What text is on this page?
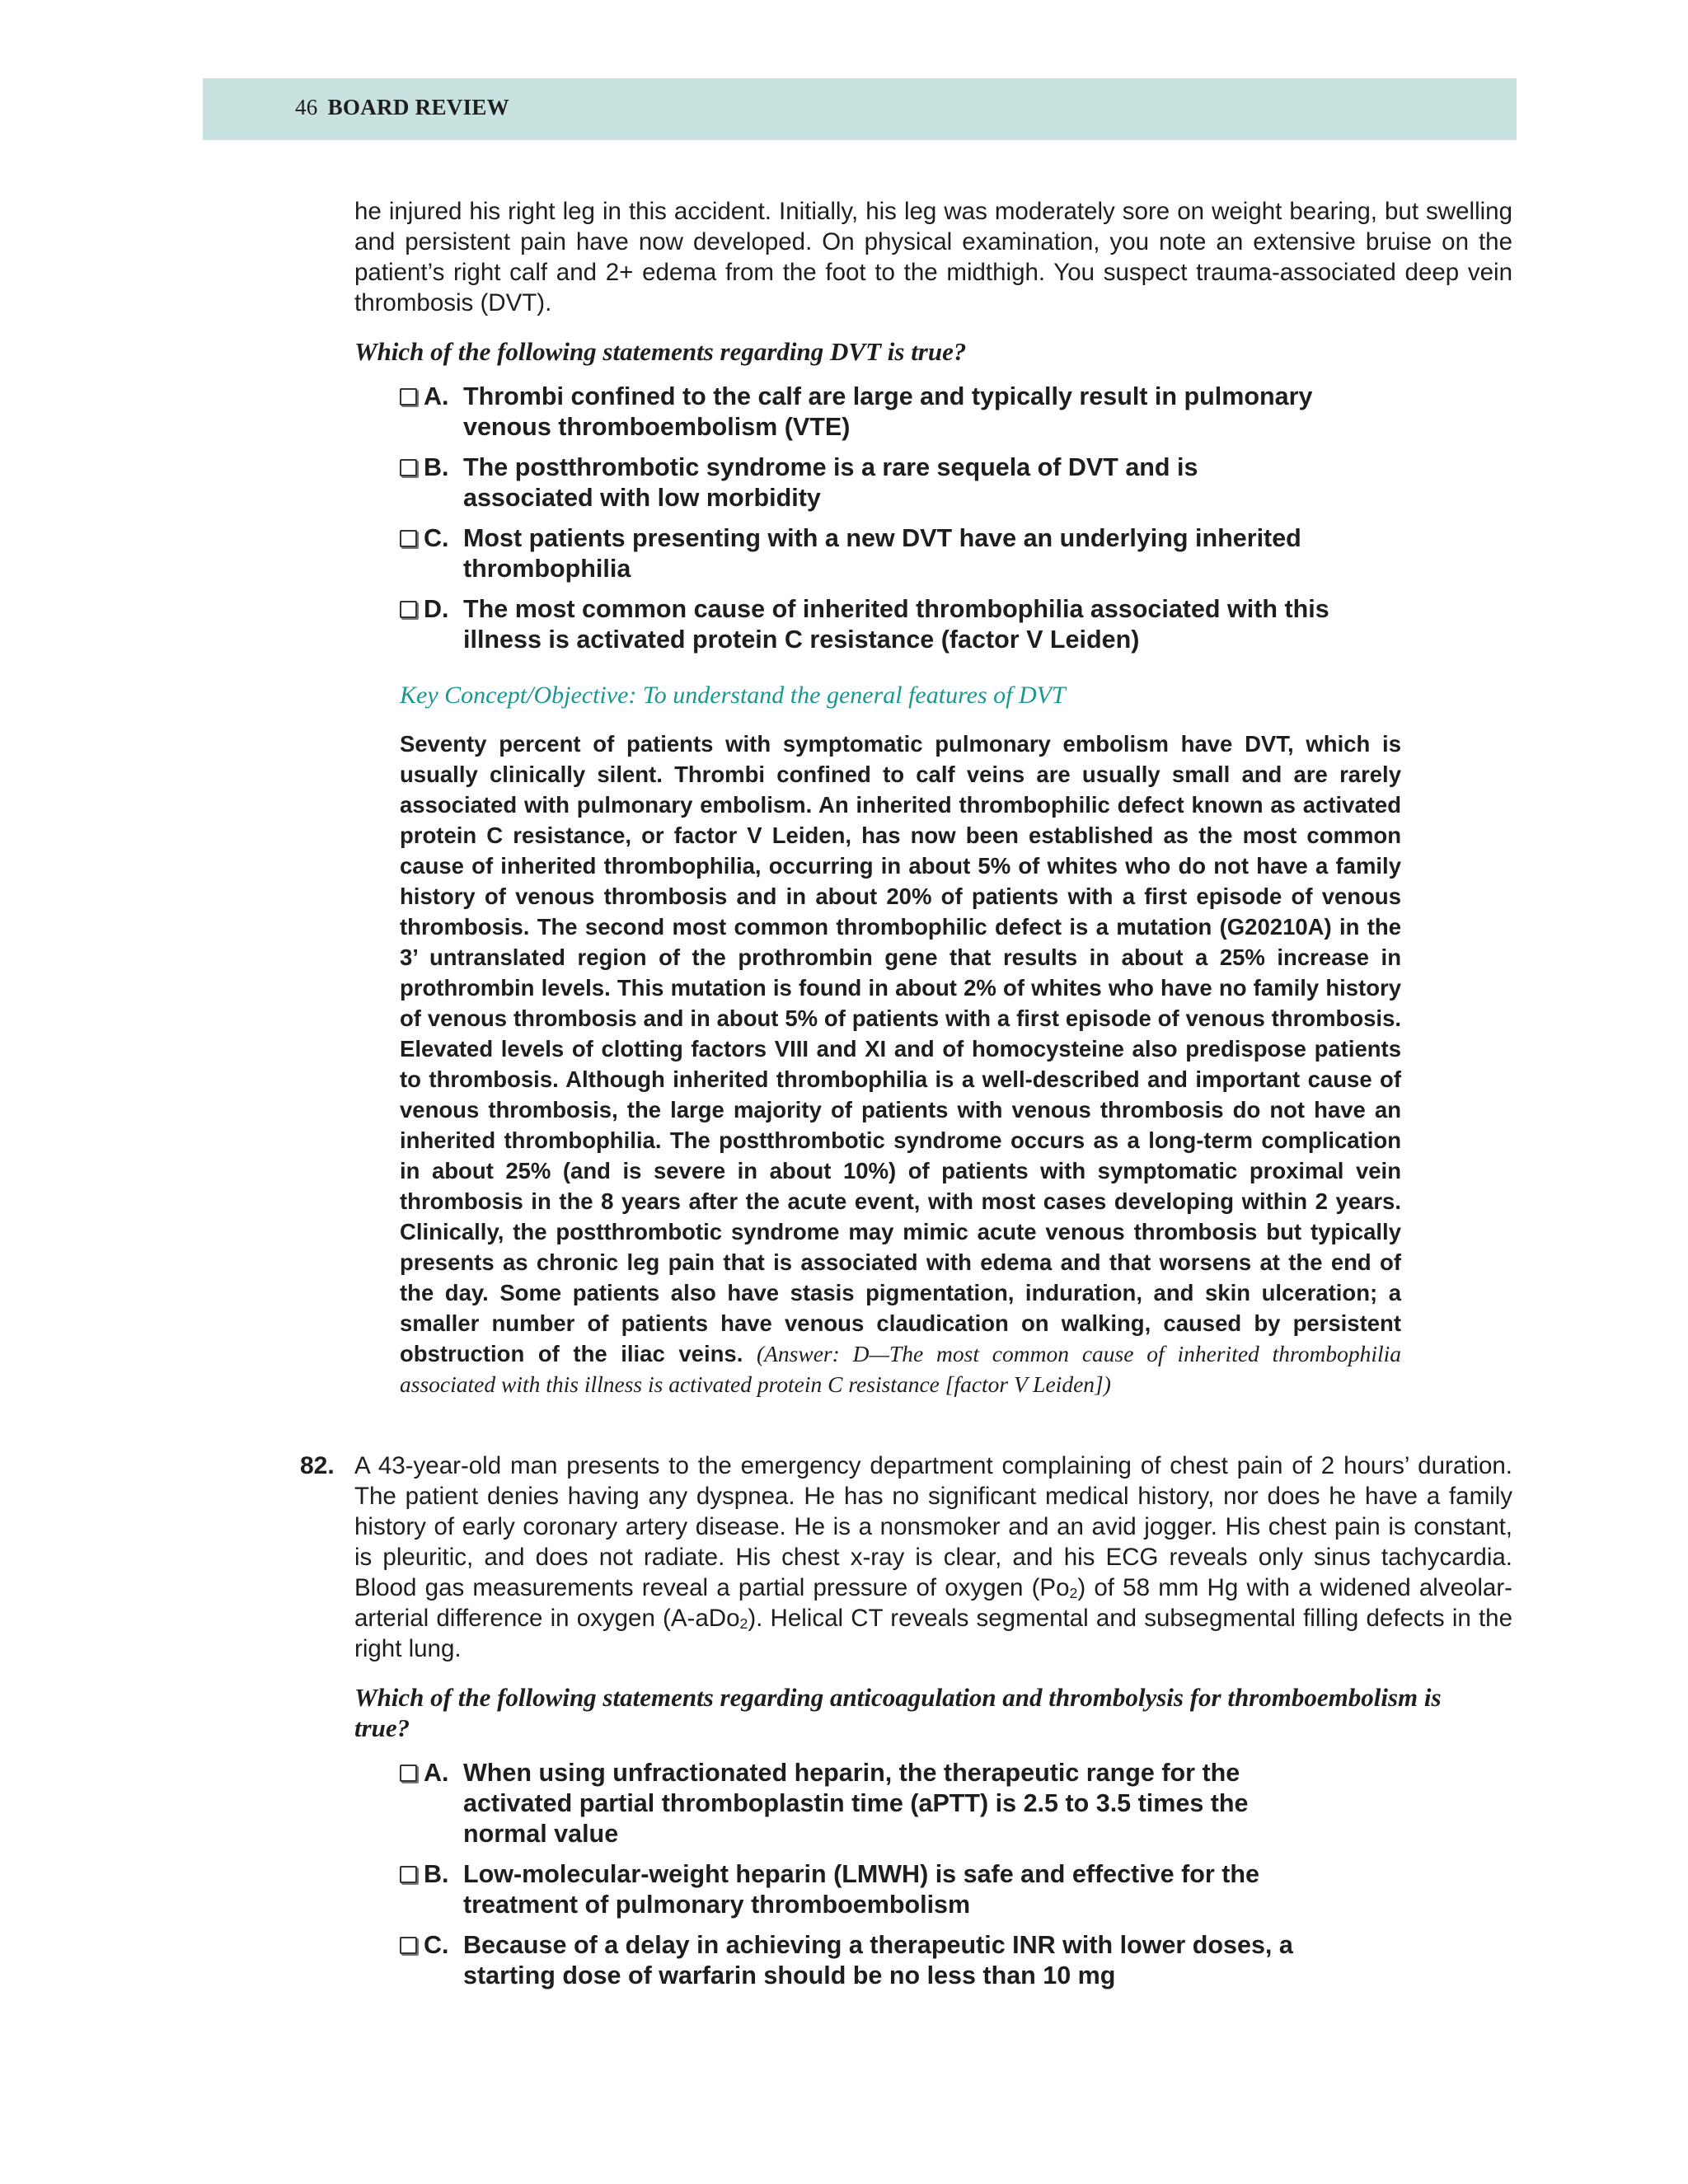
46 BOARD REVIEW

he injured his right leg in this accident. Initially, his leg was moderately sore on weight bearing, but swelling and persistent pain have now developed. On physical examination, you note an extensive bruise on the patient’s right calf and 2+ edema from the foot to the midthigh. You suspect trauma-associated deep vein thrombosis (DVT).

Which of the following statements regarding DVT is true?

A. Thrombi confined to the calf are large and typically result in pulmonary venous thromboembolism (VTE)
B. The postthrombotic syndrome is a rare sequela of DVT and is associated with low morbidity
C. Most patients presenting with a new DVT have an underlying inherited thrombophilia
D. The most common cause of inherited thrombophilia associated with this illness is activated protein C resistance (factor V Leiden)
Key Concept/Objective: To understand the general features of DVT
Seventy percent of patients with symptomatic pulmonary embolism have DVT, which is usually clinically silent. Thrombi confined to calf veins are usually small and are rarely associated with pulmonary embolism. An inherited thrombophilic defect known as activated protein C resistance, or factor V Leiden, has now been established as the most common cause of inherited thrombophilia, occurring in about 5% of whites who do not have a family history of venous thrombosis and in about 20% of patients with a first episode of venous thrombosis. The second most common thrombophilic defect is a mutation (G20210A) in the 3’ untranslated region of the prothrombin gene that results in about a 25% increase in prothrombin levels. This mutation is found in about 2% of whites who have no family history of venous thrombosis and in about 5% of patients with a first episode of venous thrombosis. Elevated levels of clotting factors VIII and XI and of homocysteine also predispose patients to thrombosis. Although inherited thrombophilia is a well-described and important cause of venous thrombosis, the large majority of patients with venous thrombosis do not have an inherited thrombophilia. The postthrombotic syndrome occurs as a long-term complication in about 25% (and is severe in about 10%) of patients with symptomatic proximal vein thrombosis in the 8 years after the acute event, with most cases developing within 2 years. Clinically, the postthrombotic syndrome may mimic acute venous thrombosis but typically presents as chronic leg pain that is associated with edema and that worsens at the end of the day. Some patients also have stasis pigmentation, induration, and skin ulceration; a smaller number of patients have venous claudication on walking, caused by persistent obstruction of the iliac veins. (Answer: D—The most common cause of inherited thrombophilia associated with this illness is activated protein C resistance [factor V Leiden])
82. A 43-year-old man presents to the emergency department complaining of chest pain of 2 hours’ duration. The patient denies having any dyspnea. He has no significant medical history, nor does he have a family history of early coronary artery disease. He is a nonsmoker and an avid jogger. His chest pain is constant, is pleuritic, and does not radiate. His chest x-ray is clear, and his ECG reveals only sinus tachycardia. Blood gas measurements reveal a partial pressure of oxygen $(Po_2)$ of 58 mm Hg with a widened alveolar-arterial difference in oxygen (A-aDo$_2$). Helical CT reveals segmental and subsegmental filling defects in the right lung.

Which of the following statements regarding anticoagulation and thrombolysis for thromboembolism is true?

A. When using unfractionated heparin, the therapeutic range for the activated partial thromboplastin time (aPTT) is 2.5 to 3.5 times the normal value
B. Low-molecular-weight heparin (LMWH) is safe and effective for the treatment of pulmonary thromboembolism
C. Because of a delay in achieving a therapeutic INR with lower doses, a starting dose of warfarin should be no less than 10 mg
